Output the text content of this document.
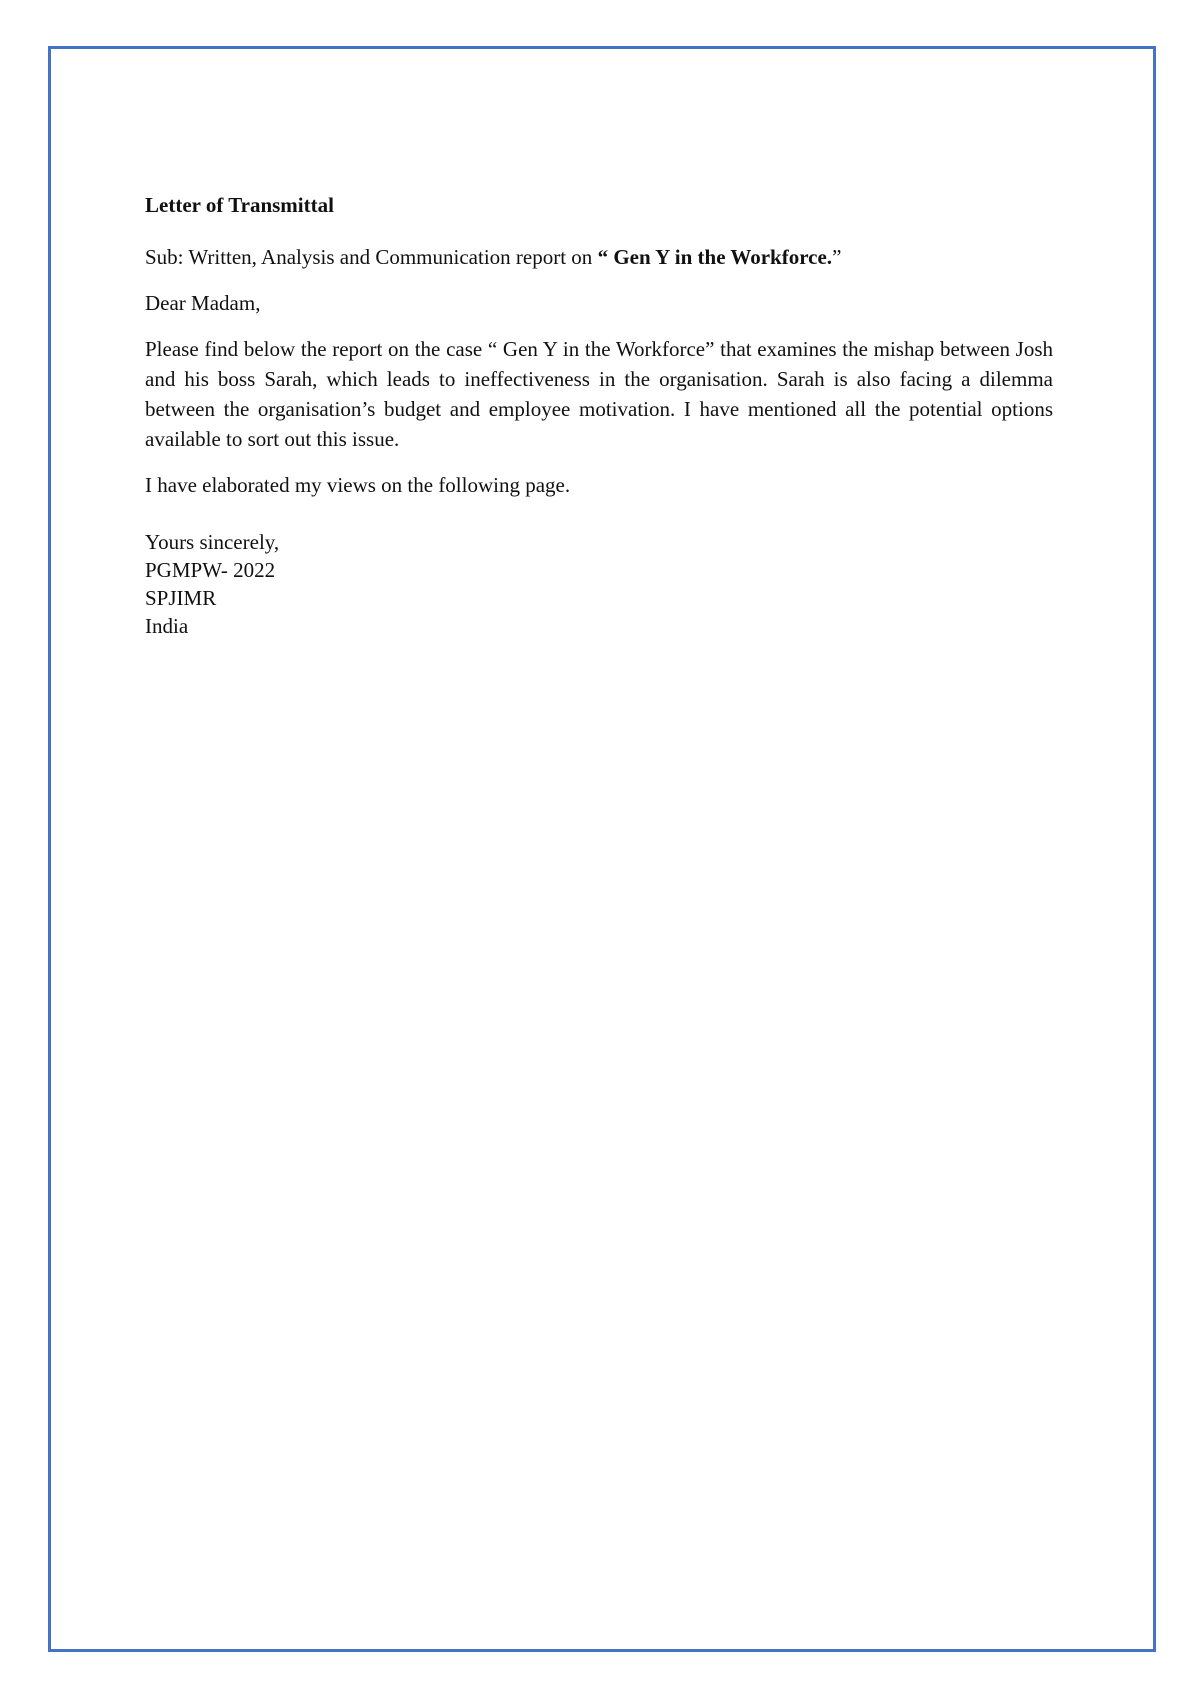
Letter of Transmittal

Sub: Written, Analysis and Communication report on “ Gen Y in the Workforce.”

Dear Madam,

Please find below the report on the case “ Gen Y in the Workforce” that examines the mishap between Josh and his boss Sarah, which leads to ineffectiveness in the organisation. Sarah is also facing a dilemma between the organisation’s budget and employee motivation. I have mentioned all the potential options available to sort out this issue.

I have elaborated my views on the following page.

Yours sincerely,
PGMPW- 2022
SPJIMR
India
